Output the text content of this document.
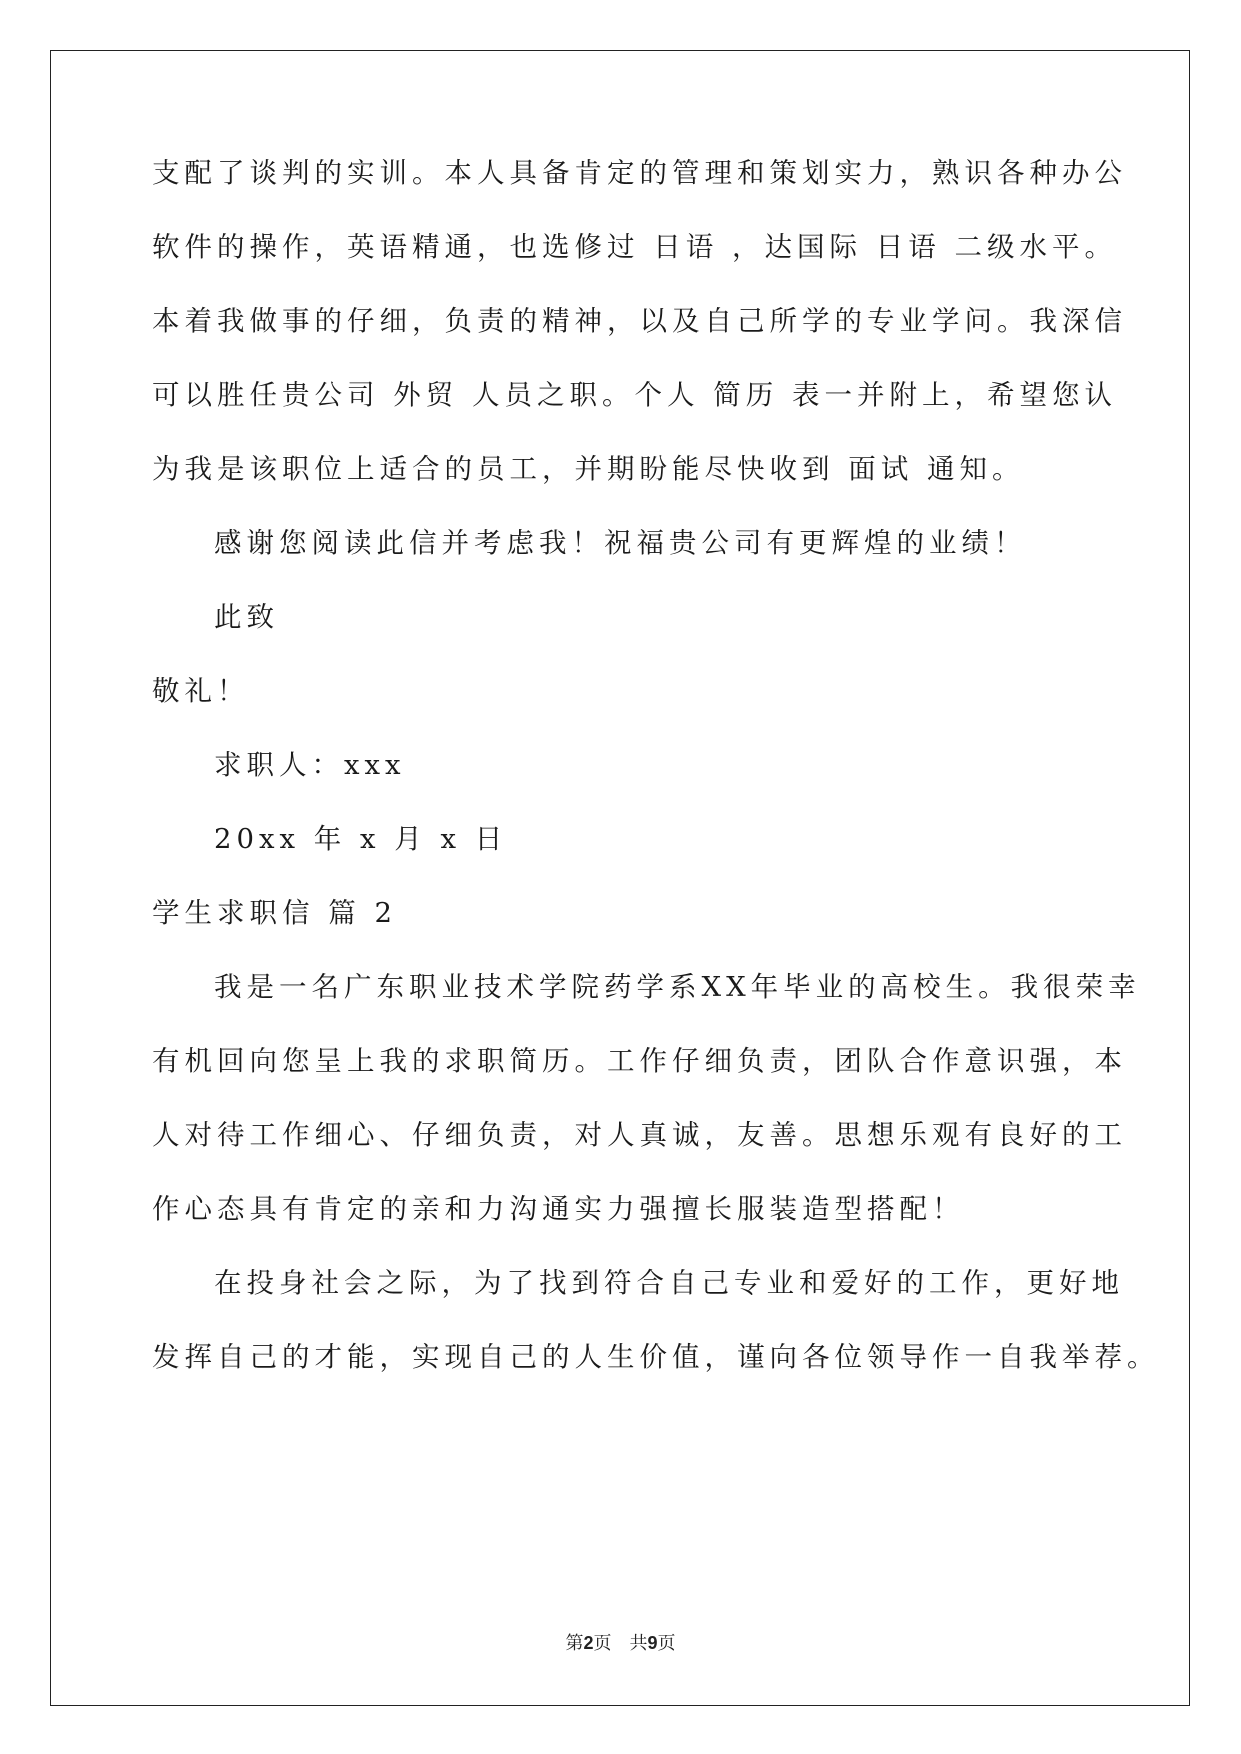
支配了谈判的实训。本人具备肯定的管理和策划实力，熟识各种办公

软件的操作，英语精通，也选修过 日语 ，达国际 日语 二级水平。

本着我做事的仔细，负责的精神，以及自己所学的专业学问。我深信

可以胜任贵公司 外贸 人员之职。个人 简历 表一并附上，希望您认

为我是该职位上适合的员工，并期盼能尽快收到 面试 通知。

感谢您阅读此信并考虑我！祝福贵公司有更辉煌的业绩！

此致

敬礼！

求职人：xxx

20xx 年 x 月 x 日

学生求职信 篇 2

我是一名广东职业技术学院药学系XX年毕业的高校生。我很荣幸

有机回向您呈上我的求职简历。工作仔细负责，团队合作意识强，本

人对待工作细心、仔细负责，对人真诚，友善。思想乐观有良好的工

作心态具有肯定的亲和力沟通实力强擅长服装造型搭配！

在投身社会之际，为了找到符合自己专业和爱好的工作，更好地

发挥自己的才能，实现自己的人生价值，谨向各位领导作一自我举荐。

第2页　共9页
